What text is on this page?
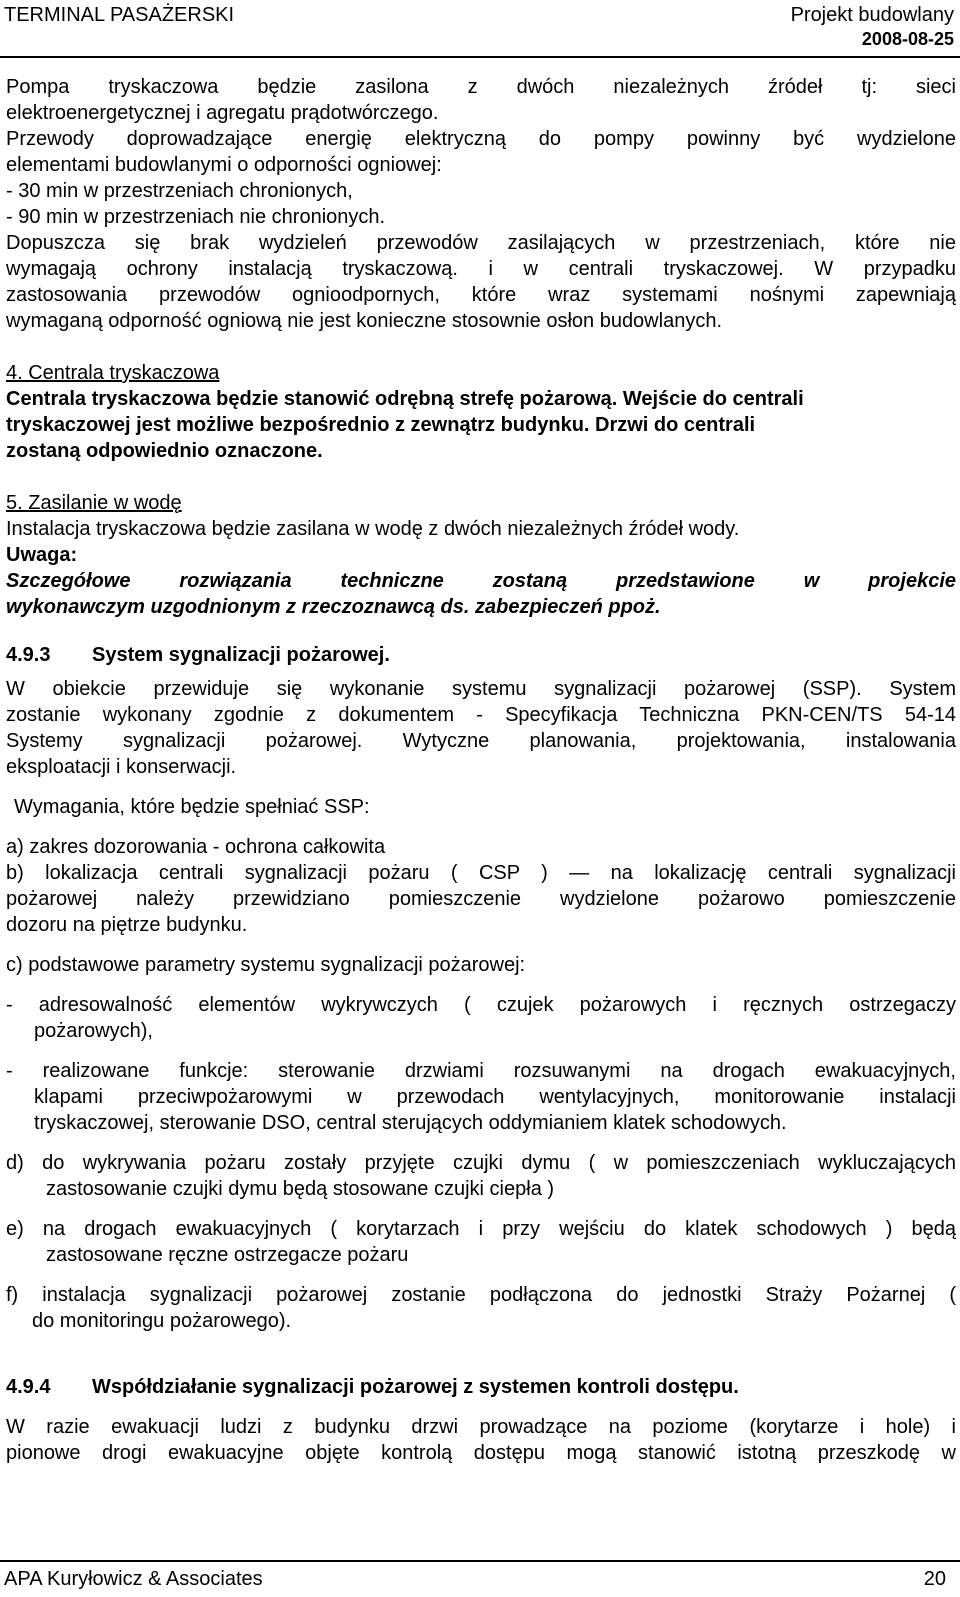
TERMINAL PASAŻERSKI	Projekt budowlany
2008-08-25
Pompa tryskaczowa będzie zasilona z dwóch niezależnych źródeł tj: sieci
elektroenergetycznej i agregatu prądotwórczego.
Przewody doprowadzające energię elektryczną do pompy powinny być wydzielone
elementami budowlanymi o odporności ogniowej:
- 30 min w przestrzeniach chronionych,
- 90 min w przestrzeniach nie chronionych.
Dopuszcza się brak wydzieleń przewodów zasilających w przestrzeniach, które nie
wymagają ochrony instalacją tryskaczową. i w centrali tryskaczowej. W przypadku
zastosowania przewodów ognioodpornych, które wraz systemami nośnymi zapewniają
wymaganą odporność ogniową nie jest konieczne stosownie osłon budowlanych.
4. Centrala tryskaczowa
Centrala tryskaczowa będzie stanowić odrębną strefę pożarową. Wejście do centrali
tryskaczowej jest możliwe bezpośrednio z zewnątrz budynku. Drzwi do centrali
zostaną odpowiednio oznaczone.
5. Zasilanie w wodę
Instalacja tryskaczowa będzie zasilana w wodę z dwóch niezależnych źródeł wody.
Uwaga:
Szczegółowe rozwiązania techniczne zostaną przedstawione w projekcie
wykonawczym uzgodnionym z rzeczoznawcą ds. zabezpieczeń ppoż.
4.9.3	System sygnalizacji pożarowej.
W obiekcie przewiduje się wykonanie systemu sygnalizacji pożarowej (SSP). System
zostanie wykonany zgodnie z dokumentem - Specyfikacja Techniczna PKN-CEN/TS 54-14
Systemy sygnalizacji pożarowej. Wytyczne planowania, projektowania, instalowania
eksploatacji i konserwacji.
Wymagania, które będzie spełniać SSP:
a) zakres dozorowania - ochrona całkowita
b) lokalizacja centrali sygnalizacji pożaru ( CSP ) — na lokalizację centrali sygnalizacji
pożarowej należy przewidziano pomieszczenie wydzielone pożarowo pomieszczenie
dozoru na piętrze budynku.
c) podstawowe parametry systemu sygnalizacji pożarowej:
- adresowalność elementów wykrywczych ( czujek pożarowych i ręcznych ostrzegaczy
pożarowych),
- realizowane funkcje: sterowanie drzwiami rozsuwanymi na drogach ewakuacyjnych,
klapami przeciwpożarowymi w przewodach wentylacyjnych, monitorowanie instalacji
tryskaczowej, sterowanie DSO, central sterujących oddymianiem klatek schodowych.
d) do wykrywania pożaru zostały przyjęte czujki dymu ( w pomieszczeniach wykluczających
zastosowanie czujki dymu będą stosowane czujki ciepła )
e) na drogach ewakuacyjnych ( korytarzach i przy wejściu do klatek schodowych ) będą
zastosowane ręczne ostrzegacze pożaru
f) instalacja sygnalizacji pożarowej zostanie podłączona do jednostki Straży Pożarnej (
do monitoringu pożarowego).
4.9.4	Współdziałanie sygnalizacji pożarowej z systemen kontroli dostępu.
W razie ewakuacji ludzi z budynku drzwi prowadzące na poziome (korytarze i hole) i
pionowe drogi ewakuacyjne objęte kontrolą dostępu mogą stanowić istotną przeszkodę w
APA Kuryłowicz & Associates	20
